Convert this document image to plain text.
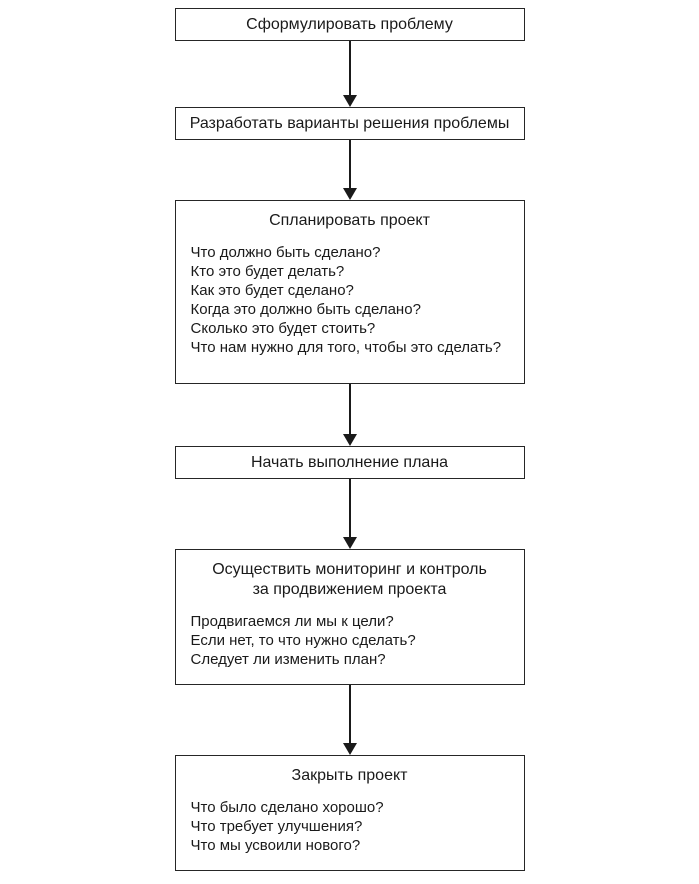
Сформулировать проблему
Разработать варианты решения проблемы
Спланировать проект
Что должно быть сделано?
Кто это будет делать?
Как это будет сделано?
Когда это должно быть сделано?
Сколько это будет стоить?
Что нам нужно для того, чтобы это сделать?
Начать выполнение плана
Осуществить мониторинг и контроль за продвижением проекта
Продвигаемся ли мы к цели?
Если нет, то что нужно сделать?
Следует ли изменить план?
Закрыть проект
Что было сделано хорошо?
Что требует улучшения?
Что мы усвоили нового?
